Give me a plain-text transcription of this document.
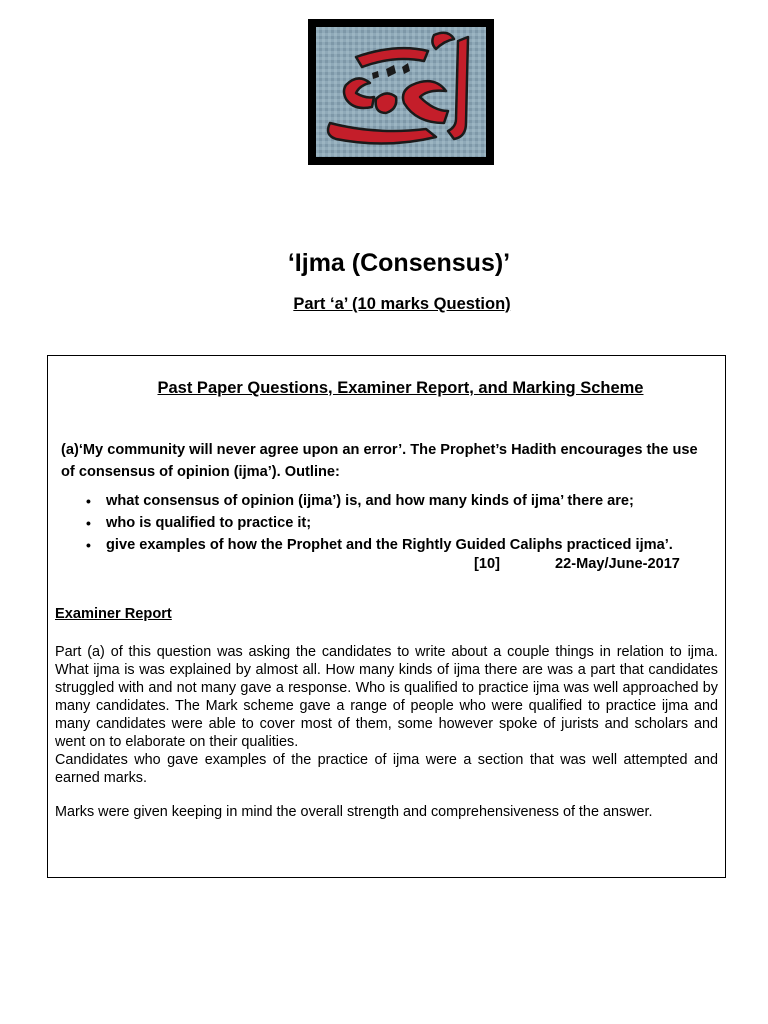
‘Ijma (Consensus)’
Part ‘a’ (10 marks Question)
Past Paper Questions, Examiner Report, and Marking Scheme

(a)‘My community will never agree upon an error’. The Prophet’s Hadith encourages the use of consensus of opinion (ijma’). Outline:

• what consensus of opinion (ijma’) is, and how many kinds of ijma’ there are;
• who is qualified to practice it;
• give examples of how the Prophet and the Rightly Guided Caliphs practiced ijma’.
[10]	22-May/June-2017
Examiner Report

Part (a) of this question was asking the candidates to write about a couple things in relation to ijma. What ijma is was explained by almost all. How many kinds of ijma there are was a part that candidates struggled with and not many gave a response. Who is qualified to practice ijma was well approached by many candidates. The Mark scheme gave a range of people who were qualified to practice ijma and many candidates were able to cover most of them, some however spoke of jurists and scholars and went on to elaborate on their qualities.
Candidates who gave examples of the practice of ijma were a section that was well attempted and earned marks.

Marks were given keeping in mind the overall strength and comprehensiveness of the answer.
